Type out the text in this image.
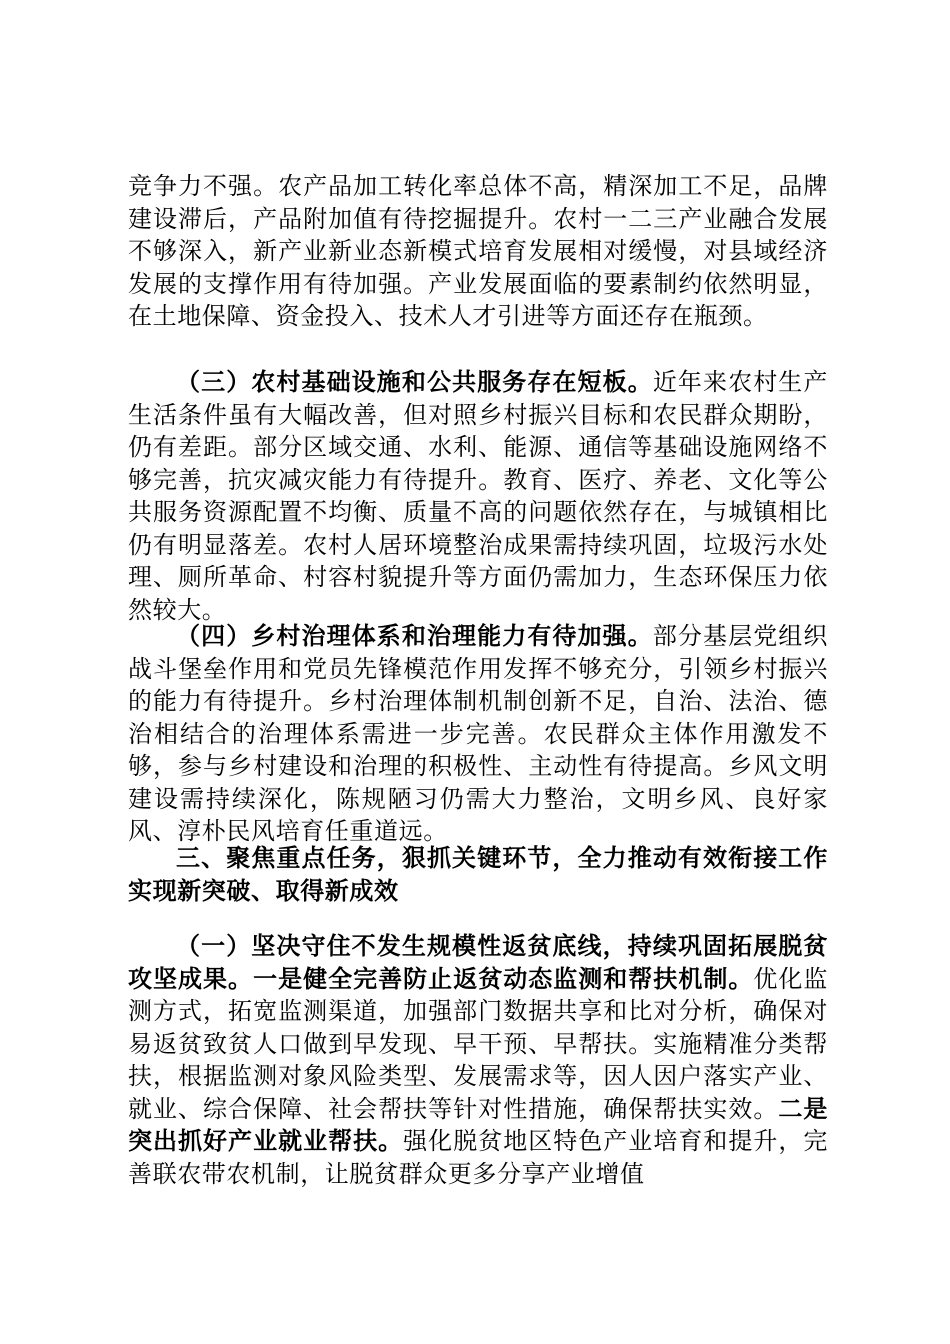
竞争力不强。农产品加工转化率总体不高，精深加工不足，品牌建设滞后，产品附加值有待挖掘提升。农村一二三产业融合发展不够深入，新产业新业态新模式培育发展相对缓慢，对县域经济发展的支撑作用有待加强。产业发展面临的要素制约依然明显，在土地保障、资金投入、技术人才引进等方面还存在瓶颈。

（三）农村基础设施和公共服务存在短板。近年来农村生产生活条件虽有大幅改善，但对照乡村振兴目标和农民群众期盼，仍有差距。部分区域交通、水利、能源、通信等基础设施网络不够完善，抗灾减灾能力有待提升。教育、医疗、养老、文化等公共服务资源配置不均衡、质量不高的问题依然存在，与城镇相比仍有明显落差。农村人居环境整治成果需持续巩固，垃圾污水处理、厕所革命、村容村貌提升等方面仍需加力，生态环保压力依然较大。

（四）乡村治理体系和治理能力有待加强。部分基层党组织战斗堡垒作用和党员先锋模范作用发挥不够充分，引领乡村振兴的能力有待提升。乡村治理体制机制创新不足，自治、法治、德治相结合的治理体系需进一步完善。农民群众主体作用激发不够，参与乡村建设和治理的积极性、主动性有待提高。乡风文明建设需持续深化，陈规陋习仍需大力整治，文明乡风、良好家风、淳朴民风培育任重道远。

三、聚焦重点任务，狠抓关键环节，全力推动有效衔接工作实现新突破、取得新成效

（一）坚决守住不发生规模性返贫底线，持续巩固拓展脱贫攻坚成果。一是健全完善防止返贫动态监测和帮扶机制。优化监测方式，拓宽监测渠道，加强部门数据共享和比对分析，确保对易返贫致贫人口做到早发现、早干预、早帮扶。实施精准分类帮扶，根据监测对象风险类型、发展需求等，因人因户落实产业、就业、综合保障、社会帮扶等针对性措施，确保帮扶实效。二是突出抓好产业就业帮扶。强化脱贫地区特色产业培育和提升，完善联农带农机制，让脱贫群众更多分享产业增值
